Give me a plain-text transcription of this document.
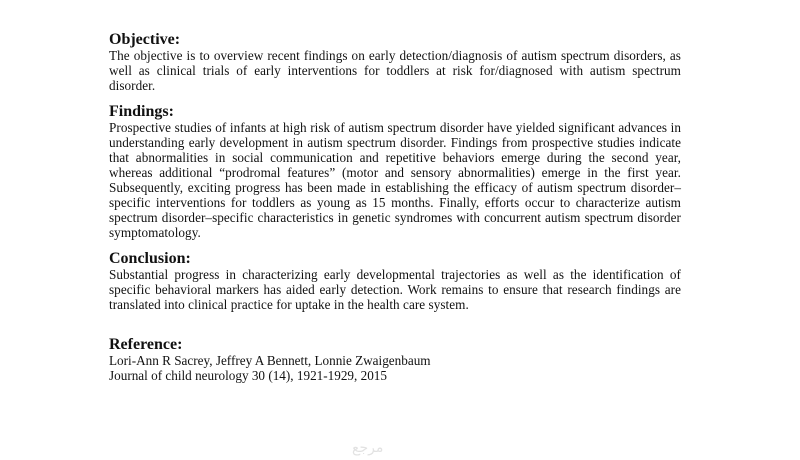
Objective:

The objective is to overview recent findings on early detection/diagnosis of autism spectrum disorders, as well as clinical trials of early interventions for toddlers at risk for/diagnosed with autism spectrum disorder.

Findings:

Prospective studies of infants at high risk of autism spectrum disorder have yielded significant advances in understanding early development in autism spectrum disorder. Findings from prospective studies indicate that abnormalities in social communication and repetitive behaviors emerge during the second year, whereas additional “prodromal features” (motor and sensory abnormalities) emerge in the first year. Subsequently, exciting progress has been made in establishing the efficacy of autism spectrum disorder–specific interventions for toddlers as young as 15 months. Finally, efforts occur to characterize autism spectrum disorder–specific characteristics in genetic syndromes with concurrent autism spectrum disorder symptomatology.

Conclusion:

Substantial progress in characterizing early developmental trajectories as well as the identification of specific behavioral markers has aided early detection. Work remains to ensure that research findings are translated into clinical practice for uptake in the health care system.

Reference:

Lori-Ann R Sacrey, Jeffrey A Bennett, Lonnie Zwaigenbaum

Journal of child neurology 30 (14), 1921-1929, 2015

مرجع
